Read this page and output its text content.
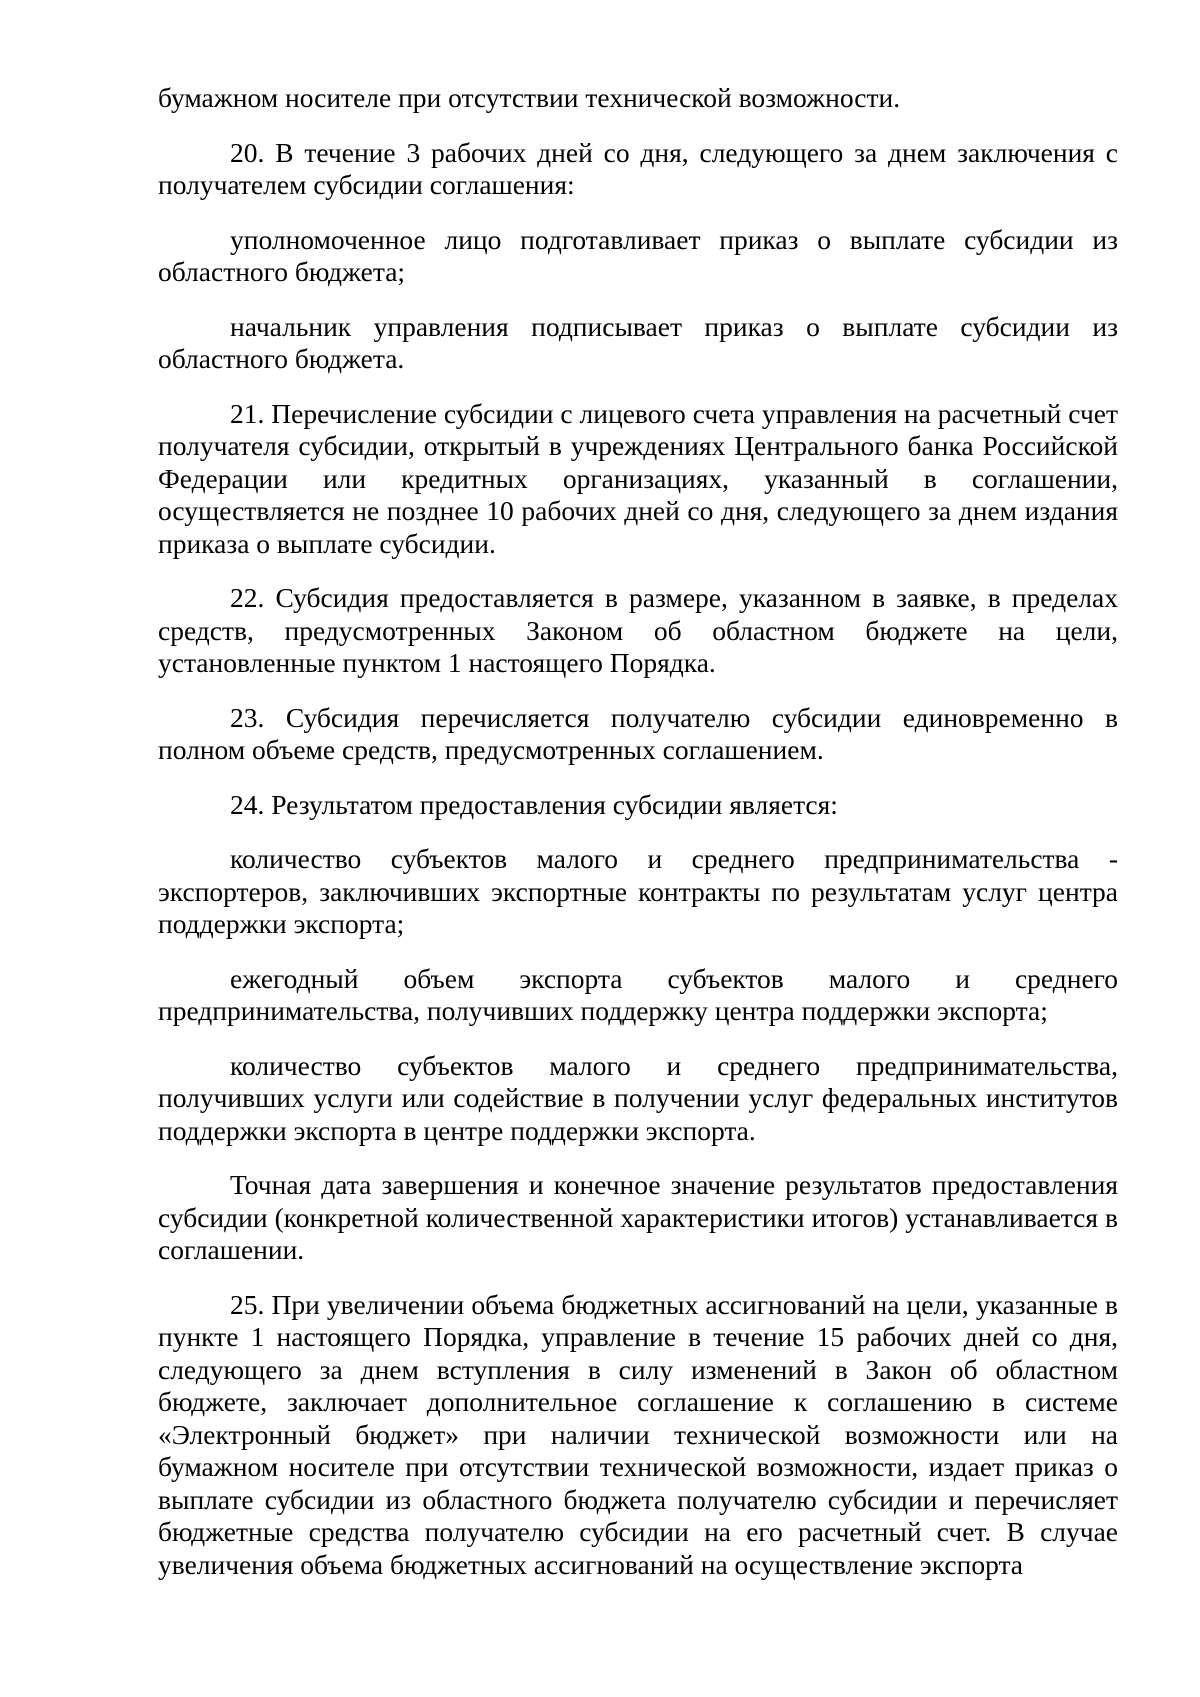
бумажном носителе при отсутствии технической возможности.

20. В течение 3 рабочих дней со дня, следующего за днем заключения с получателем субсидии соглашения:

уполномоченное лицо подготавливает приказ о выплате субсидии из областного бюджета;

начальник управления подписывает приказ о выплате субсидии из областного бюджета.

21. Перечисление субсидии с лицевого счета управления на расчетный счет получателя субсидии, открытый в учреждениях Центрального банка Российской Федерации или кредитных организациях, указанный в соглашении, осуществляется не позднее 10 рабочих дней со дня, следующего за днем издания приказа о выплате субсидии.

22. Субсидия предоставляется в размере, указанном в заявке, в пределах средств, предусмотренных Законом об областном бюджете на цели, установленные пунктом 1 настоящего Порядка.

23. Субсидия перечисляется получателю субсидии единовременно в полном объеме средств, предусмотренных соглашением.

24. Результатом предоставления субсидии является:

количество субъектов малого и среднего предпринимательства - экспортеров, заключивших экспортные контракты по результатам услуг центра поддержки экспорта;

ежегодный объем экспорта субъектов малого и среднего предпринимательства, получивших поддержку центра поддержки экспорта;

количество субъектов малого и среднего предпринимательства, получивших услуги или содействие в получении услуг федеральных институтов поддержки экспорта в центре поддержки экспорта.

Точная дата завершения и конечное значение результатов предоставления субсидии (конкретной количественной характеристики итогов) устанавливается в соглашении.

25. При увеличении объема бюджетных ассигнований на цели, указанные в пункте 1 настоящего Порядка, управление в течение 15 рабочих дней со дня, следующего за днем вступления в силу изменений в Закон об областном бюджете, заключает дополнительное соглашение к соглашению в системе «Электронный бюджет» при наличии технической возможности или на бумажном носителе при отсутствии технической возможности, издает приказ о выплате субсидии из областного бюджета получателю субсидии и перечисляет бюджетные средства получателю субсидии на его расчетный счет. В случае увеличения объема бюджетных ассигнований на осуществление экспорта
